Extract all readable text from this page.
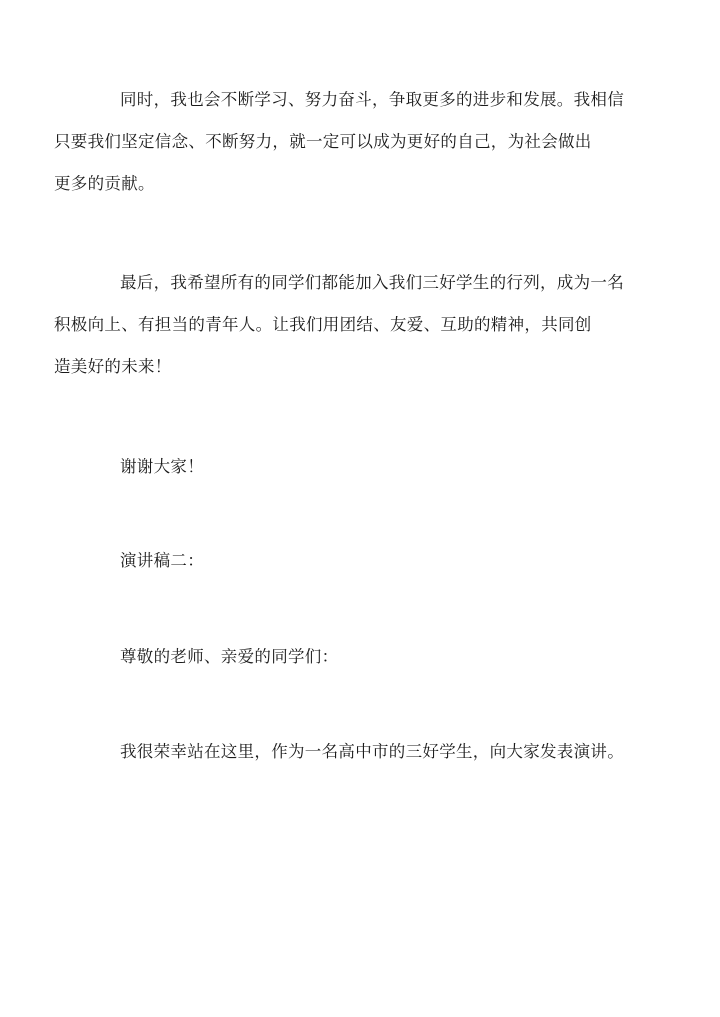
同时，我也会不断学习、努力奋斗，争取更多的进步和发展。我相信
只要我们坚定信念、不断努力，就一定可以成为更好的自己，为社会做出
更多的贡献。

最后，我希望所有的同学们都能加入我们三好学生的行列，成为一名
积极向上、有担当的青年人。让我们用团结、友爱、互助的精神，共同创
造美好的未来！

谢谢大家！

演讲稿二：

尊敬的老师、亲爱的同学们：

我很荣幸站在这里，作为一名高中市的三好学生，向大家发表演讲。
